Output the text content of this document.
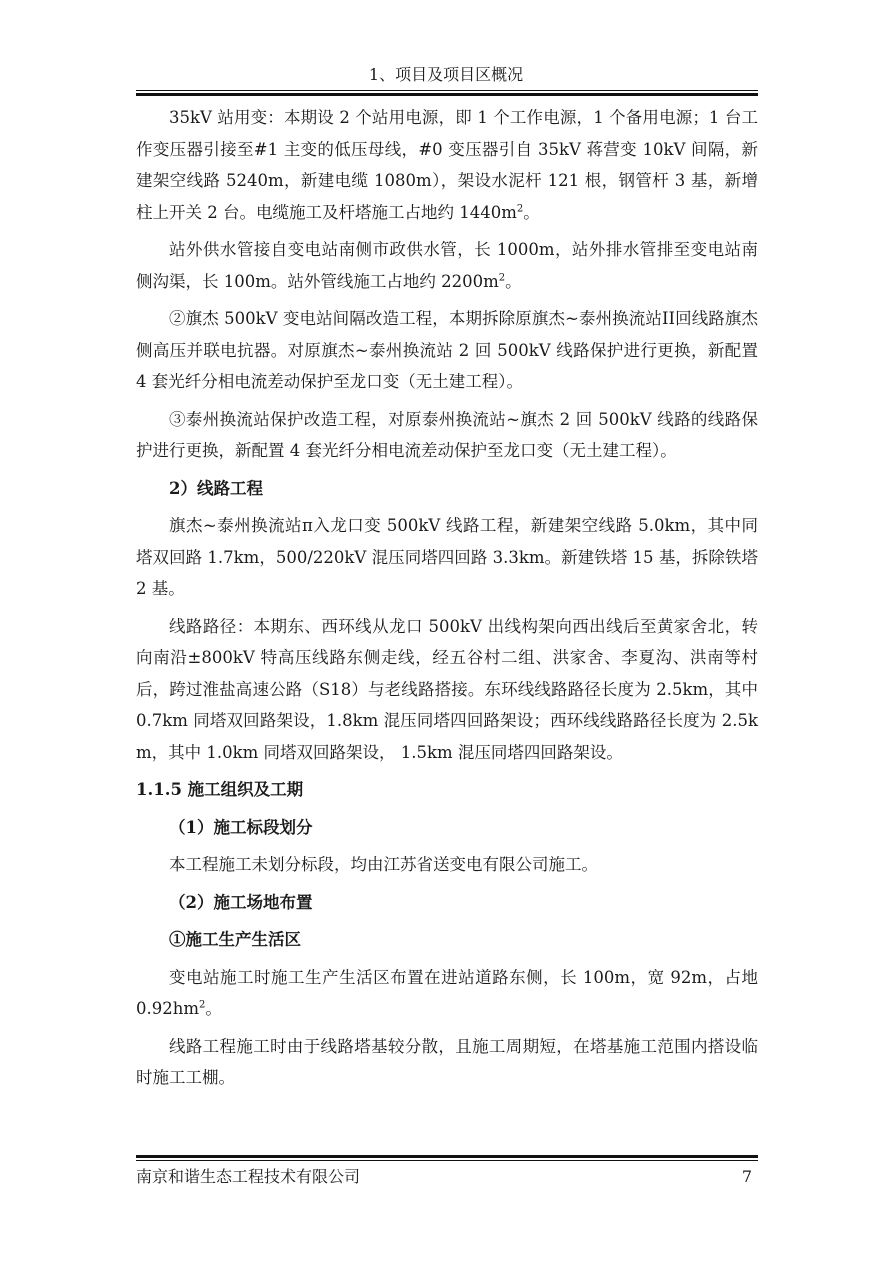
1、项目及项目区概况

35kV 站用变：本期设 2 个站用电源，即 1 个工作电源，1 个备用电源；1 台工作变压器引接至#1 主变的低压母线，#0 变压器引自 35kV 蒋营变 10kV 间隔，新建架空线路 5240m，新建电缆 1080m），架设水泥杆 121 根，钢管杆 3 基，新增柱上开关 2 台。电缆施工及杆塔施工占地约 $1440m^2$。

站外供水管接自变电站南侧市政供水管，长 1000m，站外排水管排至变电站南侧沟渠，长 100m。站外管线施工占地约 $2200m^2$。

②旗杰 500kV 变电站间隔改造工程，本期拆除原旗杰~泰州换流站II回线路旗杰侧高压并联电抗器。对原旗杰~泰州换流站 2 回 500kV 线路保护进行更换，新配置 4 套光纤分相电流差动保护至龙口变（无土建工程）。

③泰州换流站保护改造工程，对原泰州换流站~旗杰 2 回 500kV 线路的线路保护进行更换，新配置 4 套光纤分相电流差动保护至龙口变（无土建工程）。

2）线路工程

旗杰~泰州换流站π入龙口变 500kV 线路工程，新建架空线路 5.0km，其中同塔双回路 1.7km，500/220kV 混压同塔四回路 3.3km。新建铁塔 15 基，拆除铁塔 2 基。

线路路径：本期东、西环线从龙口 500kV 出线构架向西出线后至黄家舍北，转向南沿±800kV 特高压线路东侧走线，经五谷村二组、洪家舍、李夏沟、洪南等村后，跨过淮盐高速公路（S18）与老线路搭接。东环线线路路径长度为 2.5km，其中 0.7km 同塔双回路架设，1.8km 混压同塔四回路架设；西环线线路路径长度为 2.5km，其中 1.0km 同塔双回路架设， 1.5km 混压同塔四回路架设。

1.1.5 施工组织及工期

（1）施工标段划分

本工程施工未划分标段，均由江苏省送变电有限公司施工。

（2）施工场地布置

①施工生产生活区

变电站施工时施工生产生活区布置在进站道路东侧，长 100m，宽 92m，占地 $0.92hm^2$。

线路工程施工时由于线路塔基较分散，且施工周期短，在塔基施工范围内搭设临时施工工棚。

南京和谐生态工程技术有限公司	7
